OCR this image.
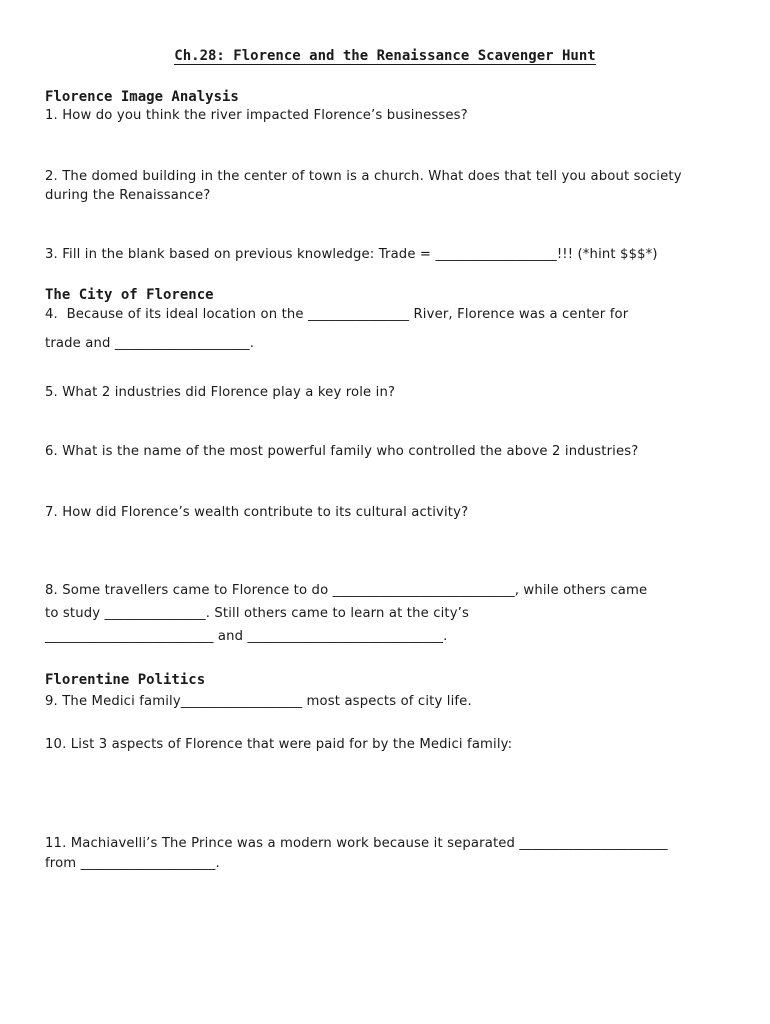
Ch.28: Florence and the Renaissance Scavenger Hunt
Florence Image Analysis
1. How do you think the river impacted Florence’s businesses?
2. The domed building in the center of town is a church. What does that tell you about society
during the Renaissance?
3. Fill in the blank based on previous knowledge: Trade = __________________!!! (*hint $$$*)
The City of Florence
4.  Because of its ideal location on the _______________ River, Florence was a center for
trade and ____________________.
5. What 2 industries did Florence play a key role in?
6. What is the name of the most powerful family who controlled the above 2 industries?
7. How did Florence’s wealth contribute to its cultural activity?
8. Some travellers came to Florence to do ___________________________, while others came
to study _______________. Still others came to learn at the city’s
_________________________ and _____________________________.
Florentine Politics
9. The Medici family__________________ most aspects of city life.
10. List 3 aspects of Florence that were paid for by the Medici family:
11. Machiavelli’s The Prince was a modern work because it separated ______________________
from ____________________.
